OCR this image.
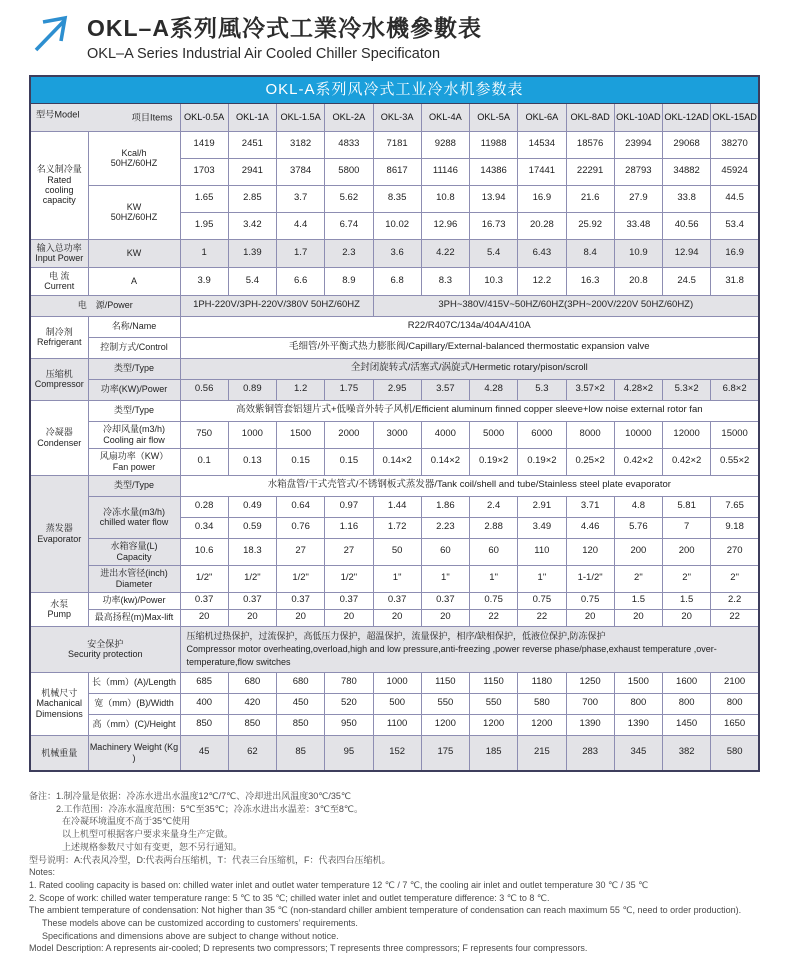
OKL–A系列風冷式工業冷水機參數表
OKL–A Series Industrial Air Cooled Chiller Specificaton
OKL-A系列风冷式工业冷水机参数表													

型号Model 项目Items		OKL-0.5A	OKL-1A	OKL-1.5A	OKL-2A	OKL-3A	OKL-4A	OKL-5A	OKL-6A	OKL-8AD	OKL-10AD	OKL-12AD	OKL-15AD

名义制冷量
Rated cooling capacity	Kcal/h
50HZ/60HZ	1419	2451	3182	4833	7181	9288	11988	14534	18576	23994	29068	38270
		1703	2941	3784	5800	8617	11146	14386	17441	22291	28793	34882	45924

	KW
50HZ/60HZ	1.65	2.85	3.7	5.62	8.35	10.8	13.94	16.9	21.6	27.9	33.8	44.5
		1.95	3.42	4.4	6.74	10.02	12.96	16.73	20.28	25.92	33.48	40.56	53.4

输入总功率
Input Power	KW	1	1.39	1.7	2.3	3.6	4.22	5.4	6.43	8.4	10.9	12.94	16.9

电 流
Current	A	3.9	5.4	6.6	8.9	6.8	8.3	10.3	12.2	16.3	20.8	24.5	31.8
电　源/Power		1PH-220V/3PH-220V/380V 50HZ/60HZ				3PH~380V/415V~50HZ/60HZ(3PH~200V/220V 50HZ/60HZ)							

制冷剂
Refrigerant	名称/Name	R22/R407C/134a/404A/410A											
	控制方式/Control	毛细管/外平衡式热力膨胀阀/Capillary/External-balanced thermostatic expansion valve											

压缩机
Compressor	类型/Type	全封闭旋转式/活塞式/涡旋式/Hermetic rotary/pison/scroll											
	功率(KW)/Power	0.56	0.89	1.2	1.75	2.95	3.57	4.28	5.3	3.57×2	4.28×2	5.3×2	6.8×2

冷凝器
Condenser	类型/Type	高效紫铜管套铝翅片式+低噪音外转子风机/Efficient aluminum finned copper sleeve+low noise external rotor fan											

	冷却风量(m3/h)
Cooling air flow	750	1000	1500	2000	3000	4000	5000	6000	8000	10000	12000	15000

	风扇功率（KW）
Fan power	0.1	0.13	0.15	0.15	0.14×2	0.14×2	0.19×2	0.19×2	0.25×2	0.42×2	0.42×2	0.55×2

蒸发器
Evaporator	类型/Type	水箱盘管/干式壳管式/不锈钢板式蒸发器/Tank coil/shell and tube/Stainless steel plate evaporator											

	冷冻水量(m3/h)
chilled water flow	0.28	0.49	0.64	0.97	1.44	1.86	2.4	2.91	3.71	4.8	5.81	7.65
		0.34	0.59	0.76	1.16	1.72	2.23	2.88	3.49	4.46	5.76	7	9.18

	水箱容量(L)
Capacity	10.6	18.3	27	27	50	60	60	110	120	200	200	270

	进出水管径(inch)
Diameter	1/2"	1/2"	1/2"	1/2"	1"	1"	1"	1"	1-1/2"	2"	2"	2"

水泵
Pump	功率(kw)/Power	0.37	0.37	0.37	0.37	0.37	0.37	0.75	0.75	0.75	1.5	1.5	2.2
	最高扬程(m)Max-lift	20	20	20	20	20	20	22	22	20	20	20	22

安全保护
Security protection		压缩机过热保护，过流保护，高低压力保护，超温保护，流量保护，相序/缺相保护，低液位保护,防冻保护
Compressor motor overheating,overload,high and low pressure,anti-freezing ,power reverse phase/phase,exhaust temperature ,over-temperature,flow switches											

机械尺寸
Machanical Dimensions	长（mm）(A)/Length	685	680	680	780	1000	1150	1150	1180	1250	1500	1600	2100
	宽（mm）(B)/Width	400	420	450	520	500	550	550	580	700	800	800	800
	高（mm）(C)/Height	850	850	850	950	1100	1200	1200	1200	1390	1390	1450	1650

机械重量	Machinery Weight (Kg )	45	62	85	95	152	175	185	215	283	345	382	580
备注：1.制冷量是依据：冷冻水进出水温度12℃/7℃、冷却进出风温度30℃/35℃
2.工作范围：冷冻水温度范围：5℃至35℃；冷冻水进出水温差：3℃至8℃。
在冷凝环境温度不高于35℃使用
以上机型可根据客户要求来量身生产定做。
上述规格参数尺寸如有变更，恕不另行通知。
型号说明：A:代表风冷型，D:代表两台压缩机，T：代表三台压缩机，F：代表四台压缩机。
Notes:
1. Rated cooling capacity is based on: chilled water inlet and outlet water temperature 12 ℃ / 7 ℃, the cooling air inlet and outlet temperature 30 ℃ / 35 ℃
2. Scope of work: chilled water temperature range: 5 ℃ to 35 ℃; chilled water inlet and outlet temperature difference: 3 ℃ to 8 ℃.
The ambient temperature of condensation: Not higher than 35 ℃ (non-standard chiller ambient temperature of condensation can reach maximum 55 ℃, need to order production).
These models above can be customized according to customers’ requirements.
Specifications and dimensions above are subject to change without notice.
Model Description: A represents air-cooled; D represents two compressors; T represents three compressors; F represents four compressors.
